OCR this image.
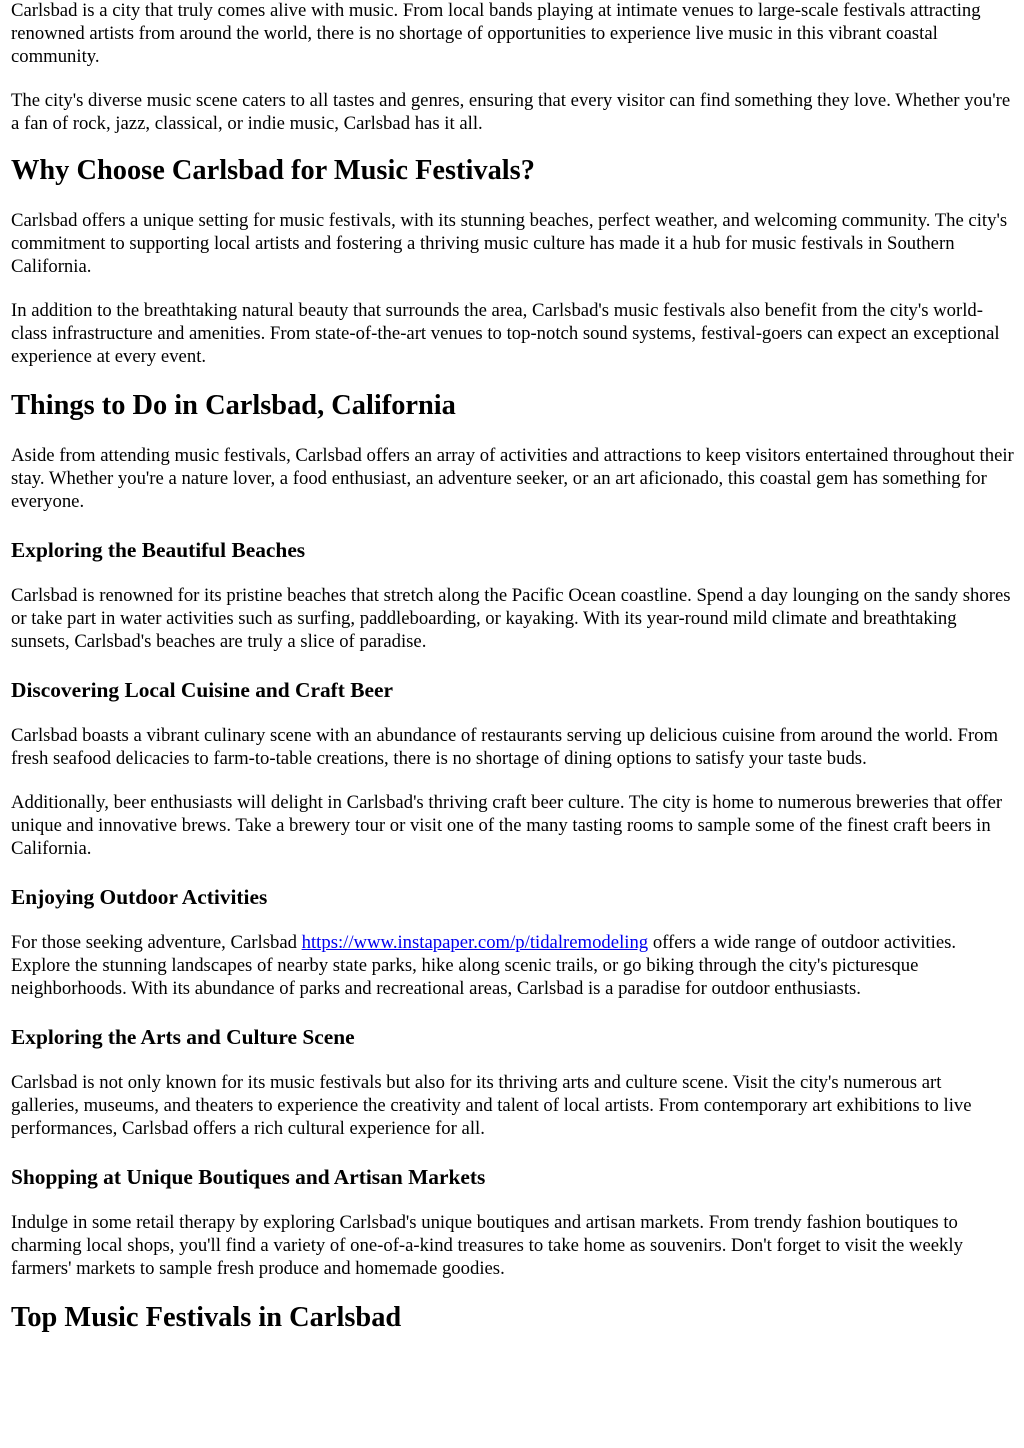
Carlsbad is a city that truly comes alive with music. From local bands playing at intimate venues to large-scale festivals attracting renowned artists from around the world, there is no shortage of opportunities to experience live music in this vibrant coastal community.

The city's diverse music scene caters to all tastes and genres, ensuring that every visitor can find something they love. Whether you're a fan of rock, jazz, classical, or indie music, Carlsbad has it all.

Why Choose Carlsbad for Music Festivals?

Carlsbad offers a unique setting for music festivals, with its stunning beaches, perfect weather, and welcoming community. The city's commitment to supporting local artists and fostering a thriving music culture has made it a hub for music festivals in Southern California.

In addition to the breathtaking natural beauty that surrounds the area, Carlsbad's music festivals also benefit from the city's world-class infrastructure and amenities. From state-of-the-art venues to top-notch sound systems, festival-goers can expect an exceptional experience at every event.

Things to Do in Carlsbad, California

Aside from attending music festivals, Carlsbad offers an array of activities and attractions to keep visitors entertained throughout their stay. Whether you're a nature lover, a food enthusiast, an adventure seeker, or an art aficionado, this coastal gem has something for everyone.

Exploring the Beautiful Beaches

Carlsbad is renowned for its pristine beaches that stretch along the Pacific Ocean coastline. Spend a day lounging on the sandy shores or take part in water activities such as surfing, paddleboarding, or kayaking. With its year-round mild climate and breathtaking sunsets, Carlsbad's beaches are truly a slice of paradise.

Discovering Local Cuisine and Craft Beer

Carlsbad boasts a vibrant culinary scene with an abundance of restaurants serving up delicious cuisine from around the world. From fresh seafood delicacies to farm-to-table creations, there is no shortage of dining options to satisfy your taste buds.

Additionally, beer enthusiasts will delight in Carlsbad's thriving craft beer culture. The city is home to numerous breweries that offer unique and innovative brews. Take a brewery tour or visit one of the many tasting rooms to sample some of the finest craft beers in California.

Enjoying Outdoor Activities

For those seeking adventure, Carlsbad https://www.instapaper.com/p/tidalremodeling offers a wide range of outdoor activities. Explore the stunning landscapes of nearby state parks, hike along scenic trails, or go biking through the city's picturesque neighborhoods. With its abundance of parks and recreational areas, Carlsbad is a paradise for outdoor enthusiasts.

Exploring the Arts and Culture Scene

Carlsbad is not only known for its music festivals but also for its thriving arts and culture scene. Visit the city's numerous art galleries, museums, and theaters to experience the creativity and talent of local artists. From contemporary art exhibitions to live performances, Carlsbad offers a rich cultural experience for all.

Shopping at Unique Boutiques and Artisan Markets

Indulge in some retail therapy by exploring Carlsbad's unique boutiques and artisan markets. From trendy fashion boutiques to charming local shops, you'll find a variety of one-of-a-kind treasures to take home as souvenirs. Don't forget to visit the weekly farmers' markets to sample fresh produce and homemade goodies.

Top Music Festivals in Carlsbad
